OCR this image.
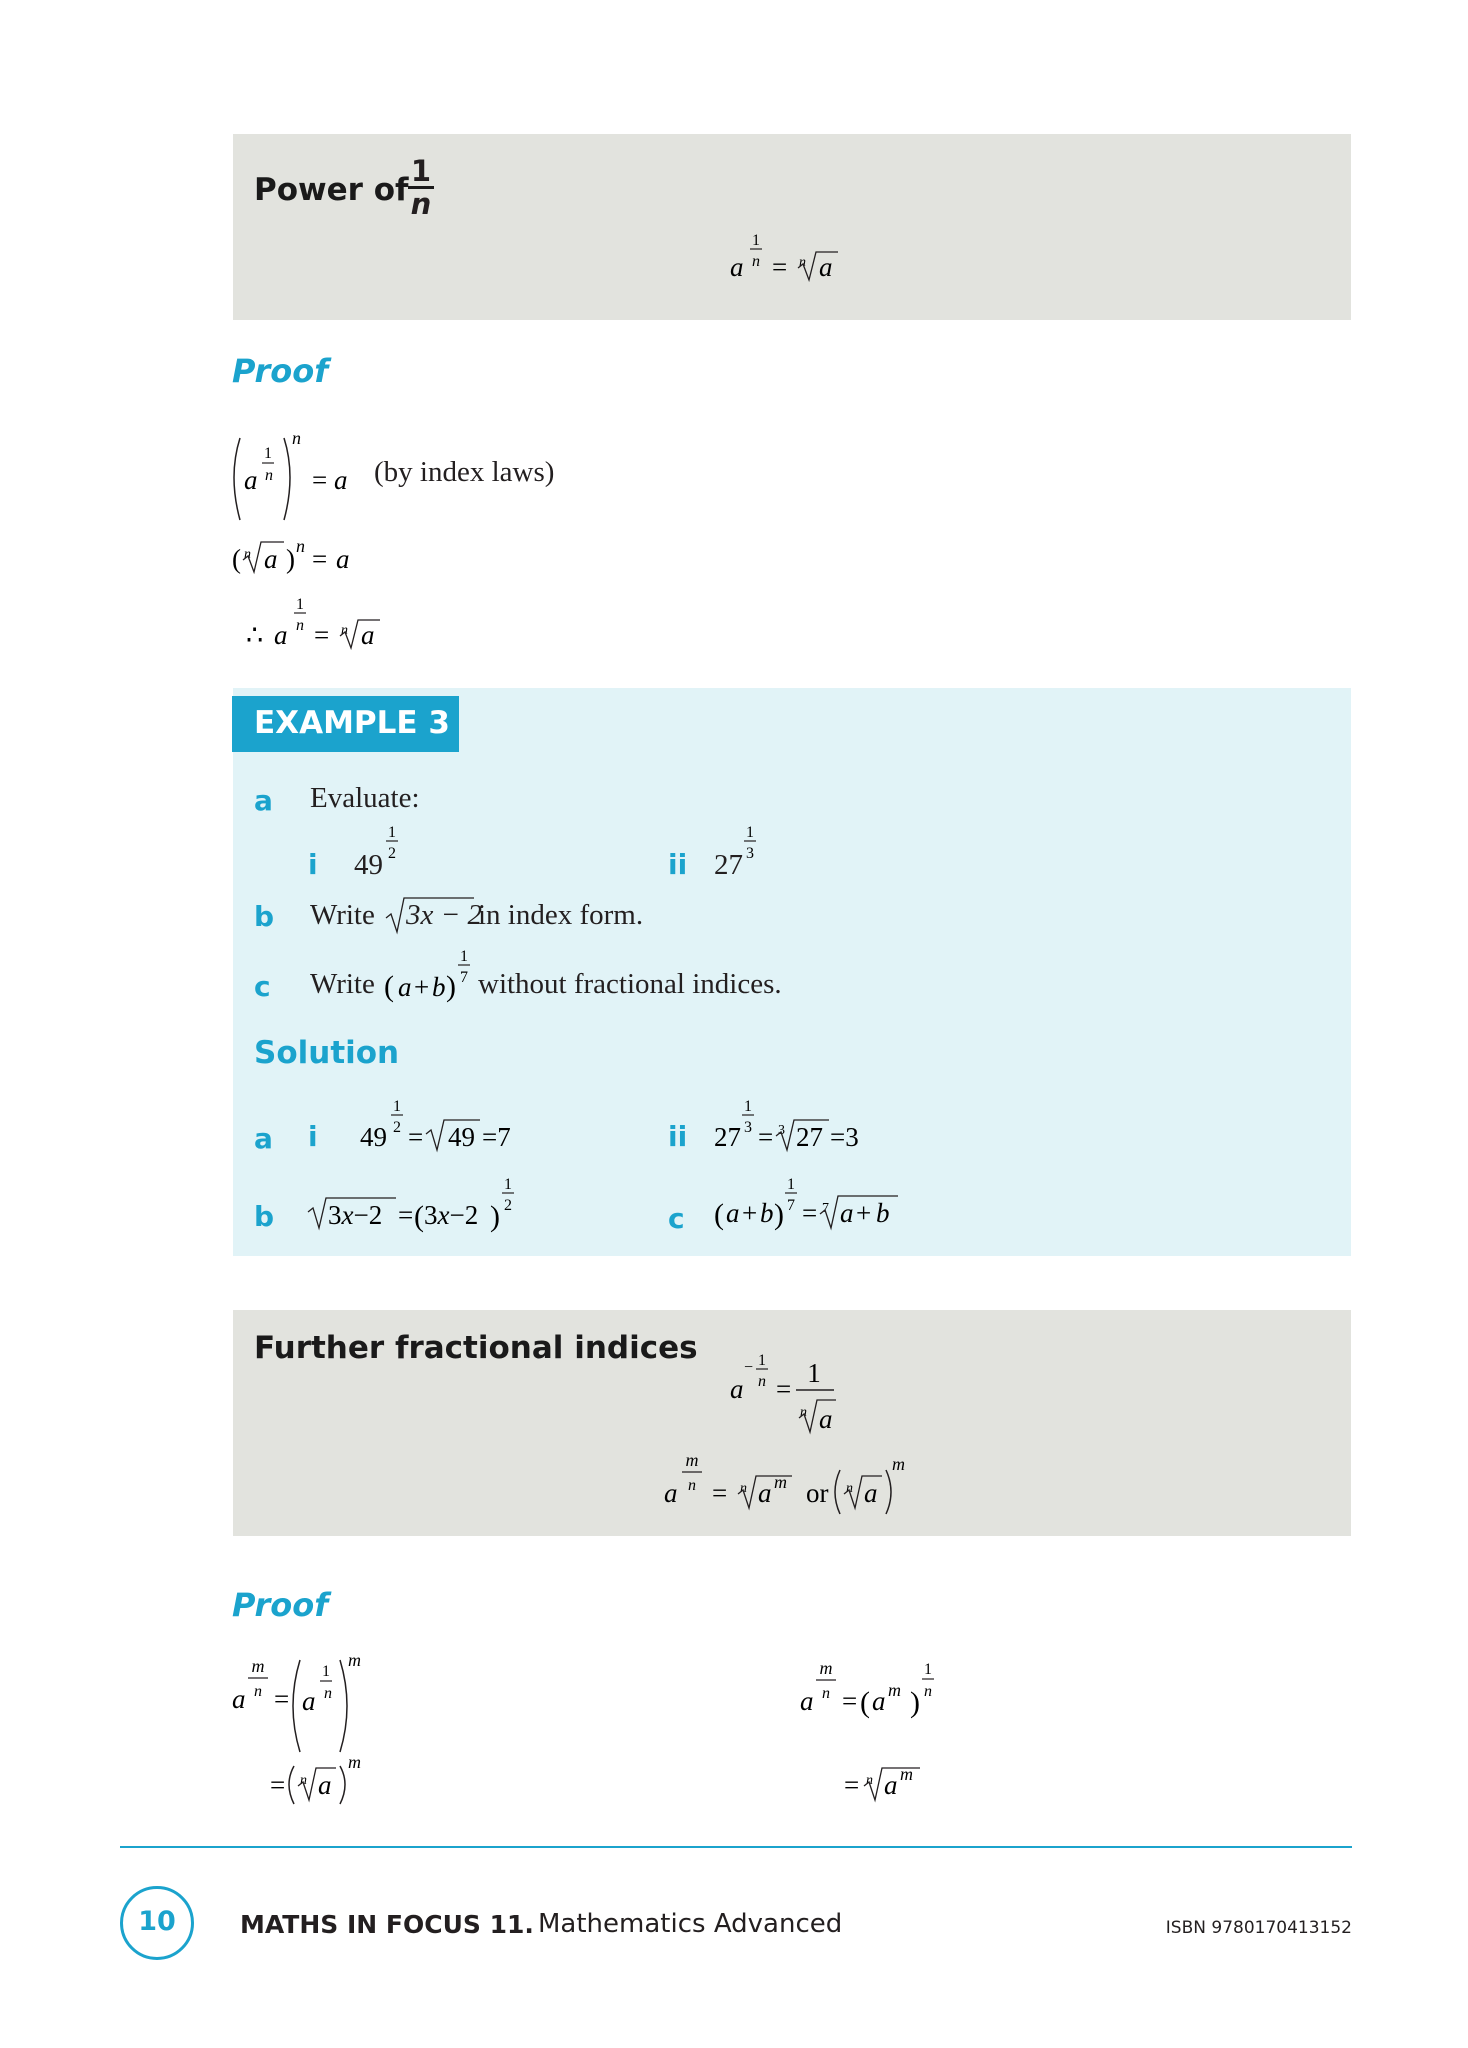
Power of $\frac{1}{n}$
1
n
a = n a
Proof
1
n
a
n
= a (by index laws)
( n a ) n = a
∴
1
n
a = n a
EXAMPLE 3
a Evaluate:
i 49
1
2	ii 27
1
3
b Write 3x − 2
in index form.
c Write ( a + b )
1
7 without fractional indices.
Solution
a i 49
1
2 = 49 =7	ii 27
1
3 = 3 27 =3
b 3x−2 = ( 3x−2 )
1
2	c ( a + b )
1
7 = 7 a + b
Further fractional indices
− 1
n
a =
1
n a
m
n
a = n a m or n a
m
Proof
m
n
a =
1
n
a
m
= n a
m
m
n
a = ( a m )
1
n
= n a m
10	MATHS IN FOCUS 11. Mathematics Advanced	ISBN 9780170413152
